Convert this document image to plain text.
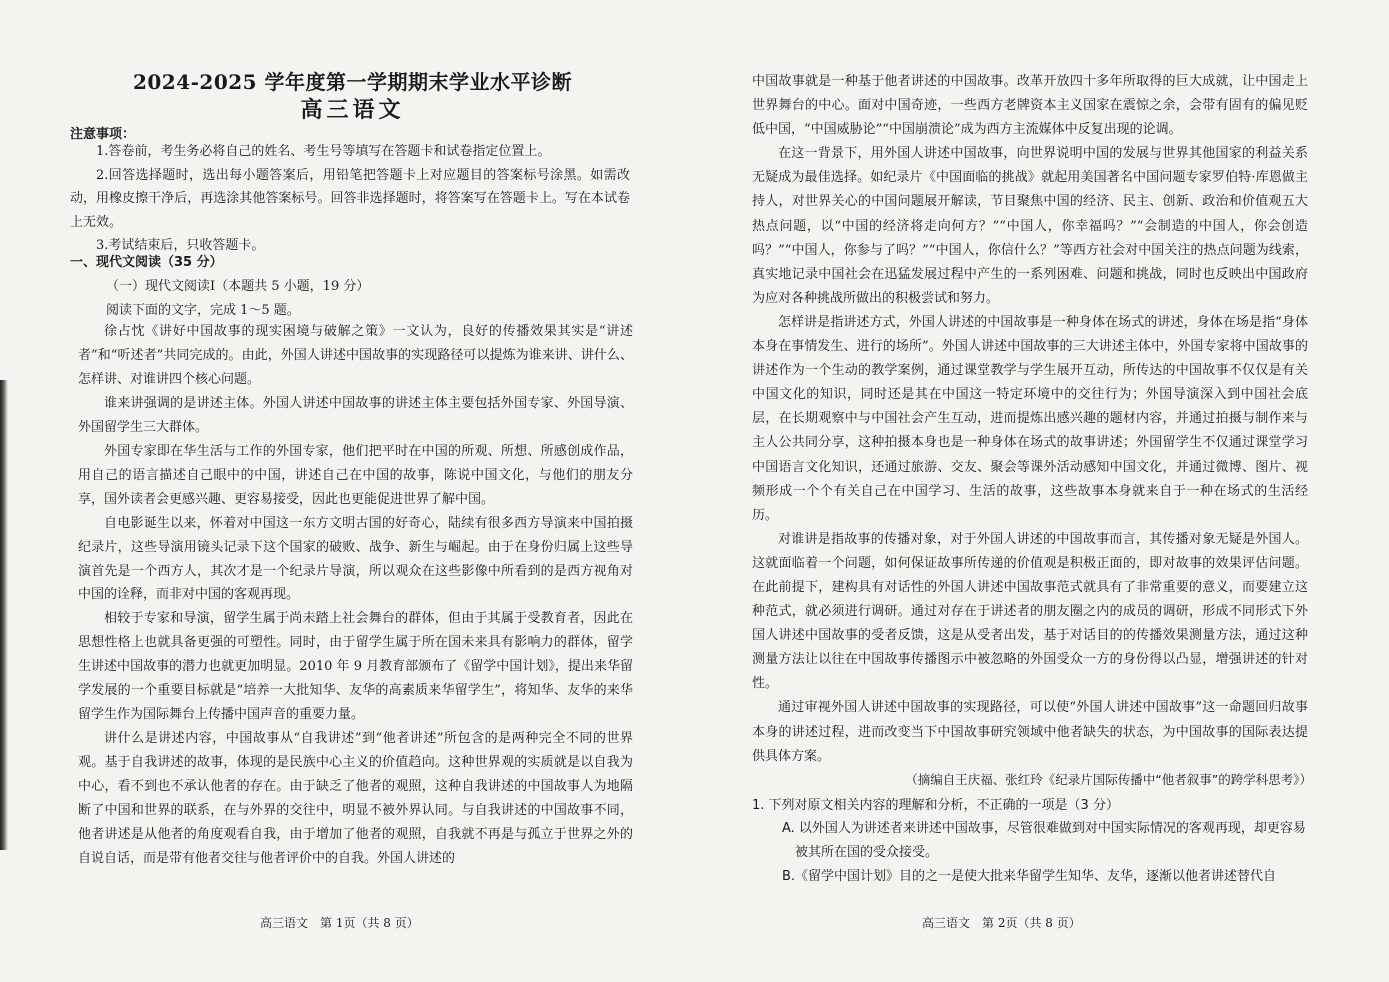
2024-2025 学年度第一学期期末学业水平诊断
高三语文
注意事项：

1.答卷前，考生务必将自己的姓名、考生号等填写在答题卡和试卷指定位置上。

2.回答选择题时，选出每小题答案后，用铅笔把答题卡上对应题目的答案标号涂黑。如需改动，用橡皮擦干净后，再选涂其他答案标号。回答非选择题时，将答案写在答题卡上。写在本试卷上无效。

3.考试结束后，只收答题卡。

一、现代文阅读（35 分）
（一）现代文阅读Ⅰ（本题共 5 小题，19 分）
阅读下面的文字，完成 1～5 题。

徐占忱《讲好中国故事的现实困境与破解之策》一文认为，良好的传播效果其实是“讲述者”和“听述者”共同完成的。由此，外国人讲述中国故事的实现路径可以提炼为谁来讲、讲什么、怎样讲、对谁讲四个核心问题。

谁来讲强调的是讲述主体。外国人讲述中国故事的讲述主体主要包括外国专家、外国导演、外国留学生三大群体。

外国专家即在华生活与工作的外国专家，他们把平时在中国的所观、所想、所感创成作品，用自己的语言描述自己眼中的中国，讲述自己在中国的故事，陈说中国文化，与他们的朋友分享，国外读者会更感兴趣、更容易接受，因此也更能促进世界了解中国。

自电影诞生以来，怀着对中国这一东方文明古国的好奇心，陆续有很多西方导演来中国拍摄纪录片，这些导演用镜头记录下这个国家的破败、战争、新生与崛起。由于在身份归属上这些导演首先是一个西方人，其次才是一个纪录片导演，所以观众在这些影像中所看到的是西方视角对中国的诠释，而非对中国的客观再现。

相较于专家和导演，留学生属于尚未踏上社会舞台的群体，但由于其属于受教育者，因此在思想性格上也就具备更强的可塑性。同时，由于留学生属于所在国未来具有影响力的群体，留学生讲述中国故事的潜力也就更加明显。2010 年 9 月教育部颁布了《留学中国计划》，提出来华留学发展的一个重要目标就是“培养一大批知华、友华的高素质来华留学生”，将知华、友华的来华留学生作为国际舞台上传播中国声音的重要力量。

讲什么是讲述内容，中国故事从“自我讲述”到“他者讲述”所包含的是两种完全不同的世界观。基于自我讲述的故事，体现的是民族中心主义的价值趋向。这种世界观的实质就是以自我为中心，看不到也不承认他者的存在。由于缺乏了他者的观照，这种自我讲述的中国故事人为地隔断了中国和世界的联系，在与外界的交往中，明显不被外界认同。与自我讲述的中国故事不同，他者讲述是从他者的角度观看自我，由于增加了他者的观照，自我就不再是与孤立于世界之外的自说自话，而是带有他者交往与他者评价中的自我。外国人讲述的

高三语文　第 1页（共 8 页）

中国故事就是一种基于他者讲述的中国故事。改革开放四十多年所取得的巨大成就，让中国走上世界舞台的中心。面对中国奇迹，一些西方老牌资本主义国家在震惊之余，会带有固有的偏见贬低中国，“中国威胁论”“中国崩溃论”成为西方主流媒体中反复出现的论调。

在这一背景下，用外国人讲述中国故事，向世界说明中国的发展与世界其他国家的利益关系无疑成为最佳选择。如纪录片《中国面临的挑战》就起用美国著名中国问题专家罗伯特·库恩做主持人，对世界关心的中国问题展开解读，节目聚焦中国的经济、民主、创新、政治和价值观五大热点问题，以“中国的经济将走向何方？”“中国人，你幸福吗？”“会制造的中国人，你会创造吗？”“中国人，你参与了吗？”“中国人，你信什么？”等西方社会对中国关注的热点问题为线索，真实地记录中国社会在迅猛发展过程中产生的一系列困难、问题和挑战，同时也反映出中国政府为应对各种挑战所做出的积极尝试和努力。

怎样讲是指讲述方式，外国人讲述的中国故事是一种身体在场式的讲述，身体在场是指“身体本身在事情发生、进行的场所”。外国人讲述中国故事的三大讲述主体中，外国专家将中国故事的讲述作为一个生动的教学案例，通过课堂教学与学生展开互动，所传达的中国故事不仅仅是有关中国文化的知识，同时还是其在中国这一特定环境中的交往行为；外国导演深入到中国社会底层，在长期观察中与中国社会产生互动，进而提炼出感兴趣的题材内容，并通过拍摄与制作来与主人公共同分享，这种拍摄本身也是一种身体在场式的故事讲述；外国留学生不仅通过课堂学习中国语言文化知识，还通过旅游、交友、聚会等课外活动感知中国文化，并通过微博、图片、视频形成一个个有关自己在中国学习、生活的故事，这些故事本身就来自于一种在场式的生活经历。

对谁讲是指故事的传播对象，对于外国人讲述的中国故事而言，其传播对象无疑是外国人。这就面临着一个问题，如何保证故事所传递的价值观是积极正面的，即对故事的效果评估问题。在此前提下，建构具有对话性的外国人讲述中国故事范式就具有了非常重要的意义，而要建立这种范式，就必须进行调研。通过对存在于讲述者的朋友圈之内的成员的调研，形成不同形式下外国人讲述中国故事的受者反馈，这是从受者出发，基于对话目的的传播效果测量方法，通过这种测量方法让以往在中国故事传播图示中被忽略的外国受众一方的身份得以凸显，增强讲述的针对性。

通过审视外国人讲述中国故事的实现路径，可以使“外国人讲述中国故事”这一命题回归故事本身的讲述过程，进而改变当下中国故事研究领域中他者缺失的状态，为中国故事的国际表达提供具体方案。

（摘编自王庆福、张红玲《纪录片国际传播中“他者叙事”的跨学科思考》）
1. 下列对原文相关内容的理解和分析，不正确的一项是（3 分）

A. 以外国人为讲述者来讲述中国故事，尽管很难做到对中国实际情况的客观再现，却更容易被其所在国的受众接受。

B.《留学中国计划》目的之一是使大批来华留学生知华、友华，逐渐以他者讲述替代自

高三语文　第 2页（共 8 页）
